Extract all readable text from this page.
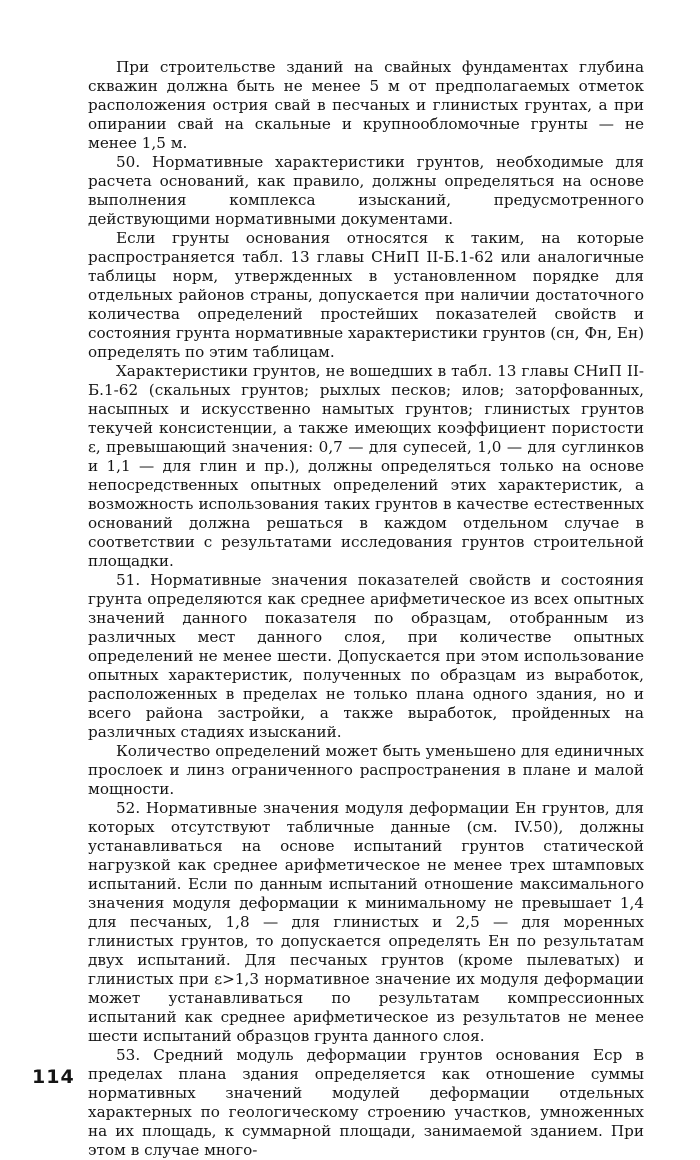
При строительстве зданий на свайных фундаментах глубина скважин должна быть не менее 5 м от предполагаемых отметок расположения острия свай в песчаных и глинистых грунтах, а при опирании свай на скальные и крупнообломочные грунты — не менее 1,5 м.

50. Нормативные характеристики грунтов, необходимые для расчета оснований, как правило, должны определяться на основе выполнения комплекса изысканий, предусмотренного действующими нормативными документами.

Если грунты основания относятся к таким, на которые распространяется табл. 13 главы СНиП II-Б.1-62 или аналогичные таблицы норм, утвержденных в установленном порядке для отдельных районов страны, допускается при наличии достаточного количества определений простейших показателей свойств и состояния грунта нормативные характеристики грунтов (cн, Фн, Eн) определять по этим таблицам.

Характеристики грунтов, не вошедших в табл. 13 главы СНиП II-Б.1-62 (скальных грунтов; рыхлых песков; илов; заторфованных, насыпных и искусственно намытых грунтов; глинистых грунтов текучей консистенции, а также имеющих коэффициент пористости ε, превышающий значения: 0,7 — для супесей, 1,0 — для суглинков и 1,1 — для глин и пр.), должны определяться только на основе непосредственных опытных определений этих характеристик, а возможность использования таких грунтов в качестве естественных оснований должна решаться в каждом отдельном случае в соответствии с результатами исследования грунтов строительной площадки.

51. Нормативные значения показателей свойств и состояния грунта определяются как среднее арифметическое из всех опытных значений данного показателя по образцам, отобранным из различных мест данного слоя, при количестве опытных определений не менее шести. Допускается при этом использование опытных характеристик, полученных по образцам из выработок, расположенных в пределах не только плана одного здания, но и всего района застройки, а также выработок, пройденных на различных стадиях изысканий.

Количество определений может быть уменьшено для единичных прослоек и линз ограниченного распространения в плане и малой мощности.

52. Нормативные значения модуля деформации Eн грунтов, для которых отсутствуют табличные данные (см. IV.50), должны устанавливаться на основе испытаний грунтов статической нагрузкой как среднее арифметическое не менее трех штамповых испытаний. Если по данным испытаний отношение максимального значения модуля деформации к минимальному не превышает 1,4 для песчаных, 1,8 — для глинистых и 2,5 — для моренных глинистых грунтов, то допускается определять Eн по результатам двух испытаний. Для песчаных грунтов (кроме пылеватых) и глинистых при ε>1,3 нормативное значение их модуля деформации может устанавливаться по результатам компрессионных испытаний как среднее арифметическое из результатов не менее шести испытаний образцов грунта данного слоя.

53. Средний модуль деформации грунтов основания Eср в пределах плана здания определяется как отношение суммы нормативных значений модулей деформации отдельных характерных по геологическому строению участков, умноженных на их площадь, к суммарной площади, занимаемой зданием. При этом в случае много-

114
